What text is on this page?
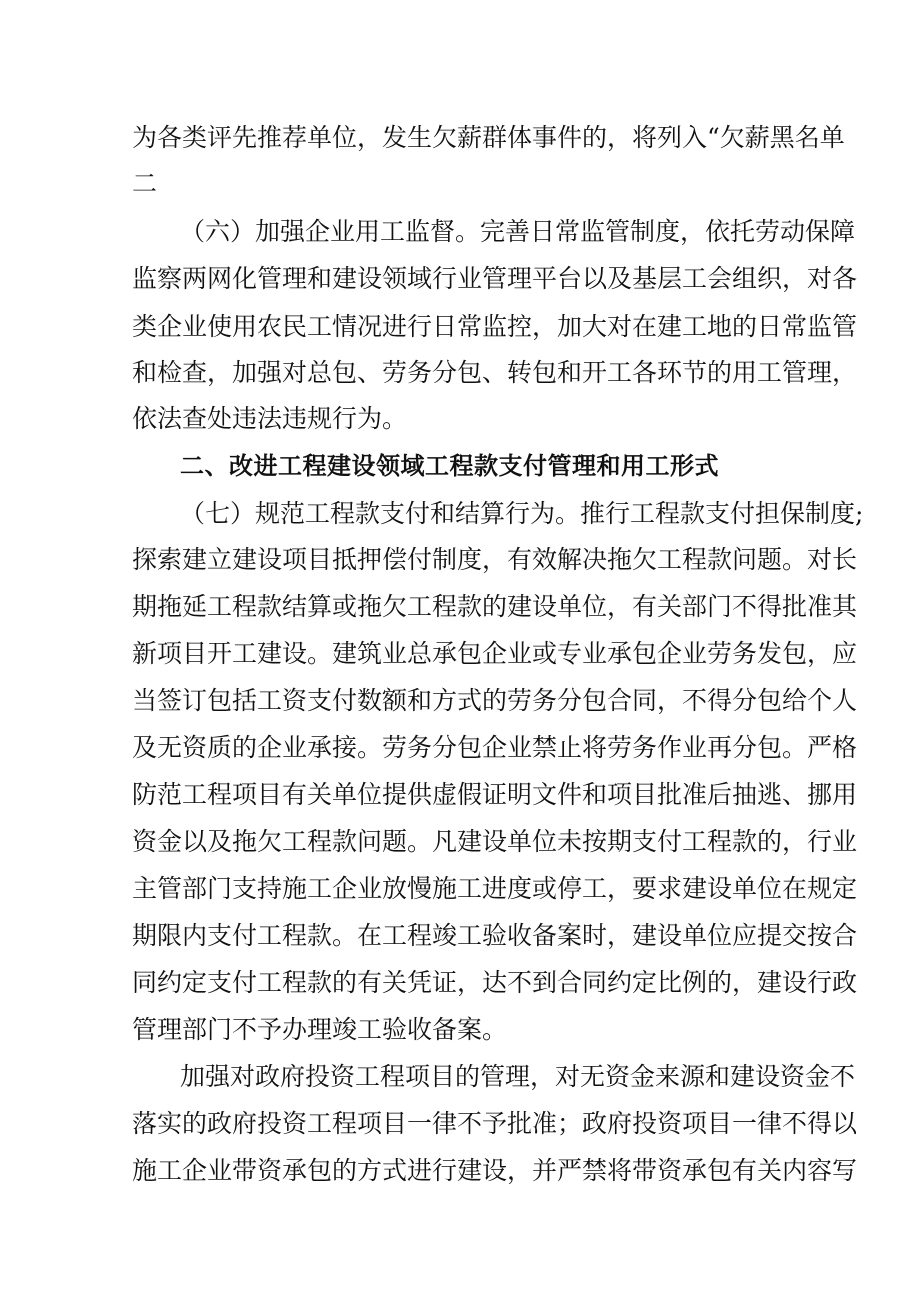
为各类评先推荐单位，发生欠薪群体事件的，将列入“欠薪黑名单
二
（六）加强企业用工监督。完善日常监管制度，依托劳动保障
监察两网化管理和建设领域行业管理平台以及基层工会组织，对各
类企业使用农民工情况进行日常监控，加大对在建工地的日常监管
和检查，加强对总包、劳务分包、转包和开工各环节的用工管理，
依法查处违法违规行为。
二、改进工程建设领域工程款支付管理和用工形式
（七）规范工程款支付和结算行为。推行工程款支付担保制度;
探索建立建设项目抵押偿付制度，有效解决拖欠工程款问题。对长
期拖延工程款结算或拖欠工程款的建设单位，有关部门不得批准其
新项目开工建设。建筑业总承包企业或专业承包企业劳务发包，应
当签订包括工资支付数额和方式的劳务分包合同，不得分包给个人
及无资质的企业承接。劳务分包企业禁止将劳务作业再分包。严格
防范工程项目有关单位提供虚假证明文件和项目批准后抽逃、挪用
资金以及拖欠工程款问题。凡建设单位未按期支付工程款的，行业
主管部门支持施工企业放慢施工进度或停工，要求建设单位在规定
期限内支付工程款。在工程竣工验收备案时，建设单位应提交按合
同约定支付工程款的有关凭证，达不到合同约定比例的，建设行政
管理部门不予办理竣工验收备案。
加强对政府投资工程项目的管理，对无资金来源和建设资金不
落实的政府投资工程项目一律不予批准；政府投资项目一律不得以
施工企业带资承包的方式进行建设，并严禁将带资承包有关内容写
